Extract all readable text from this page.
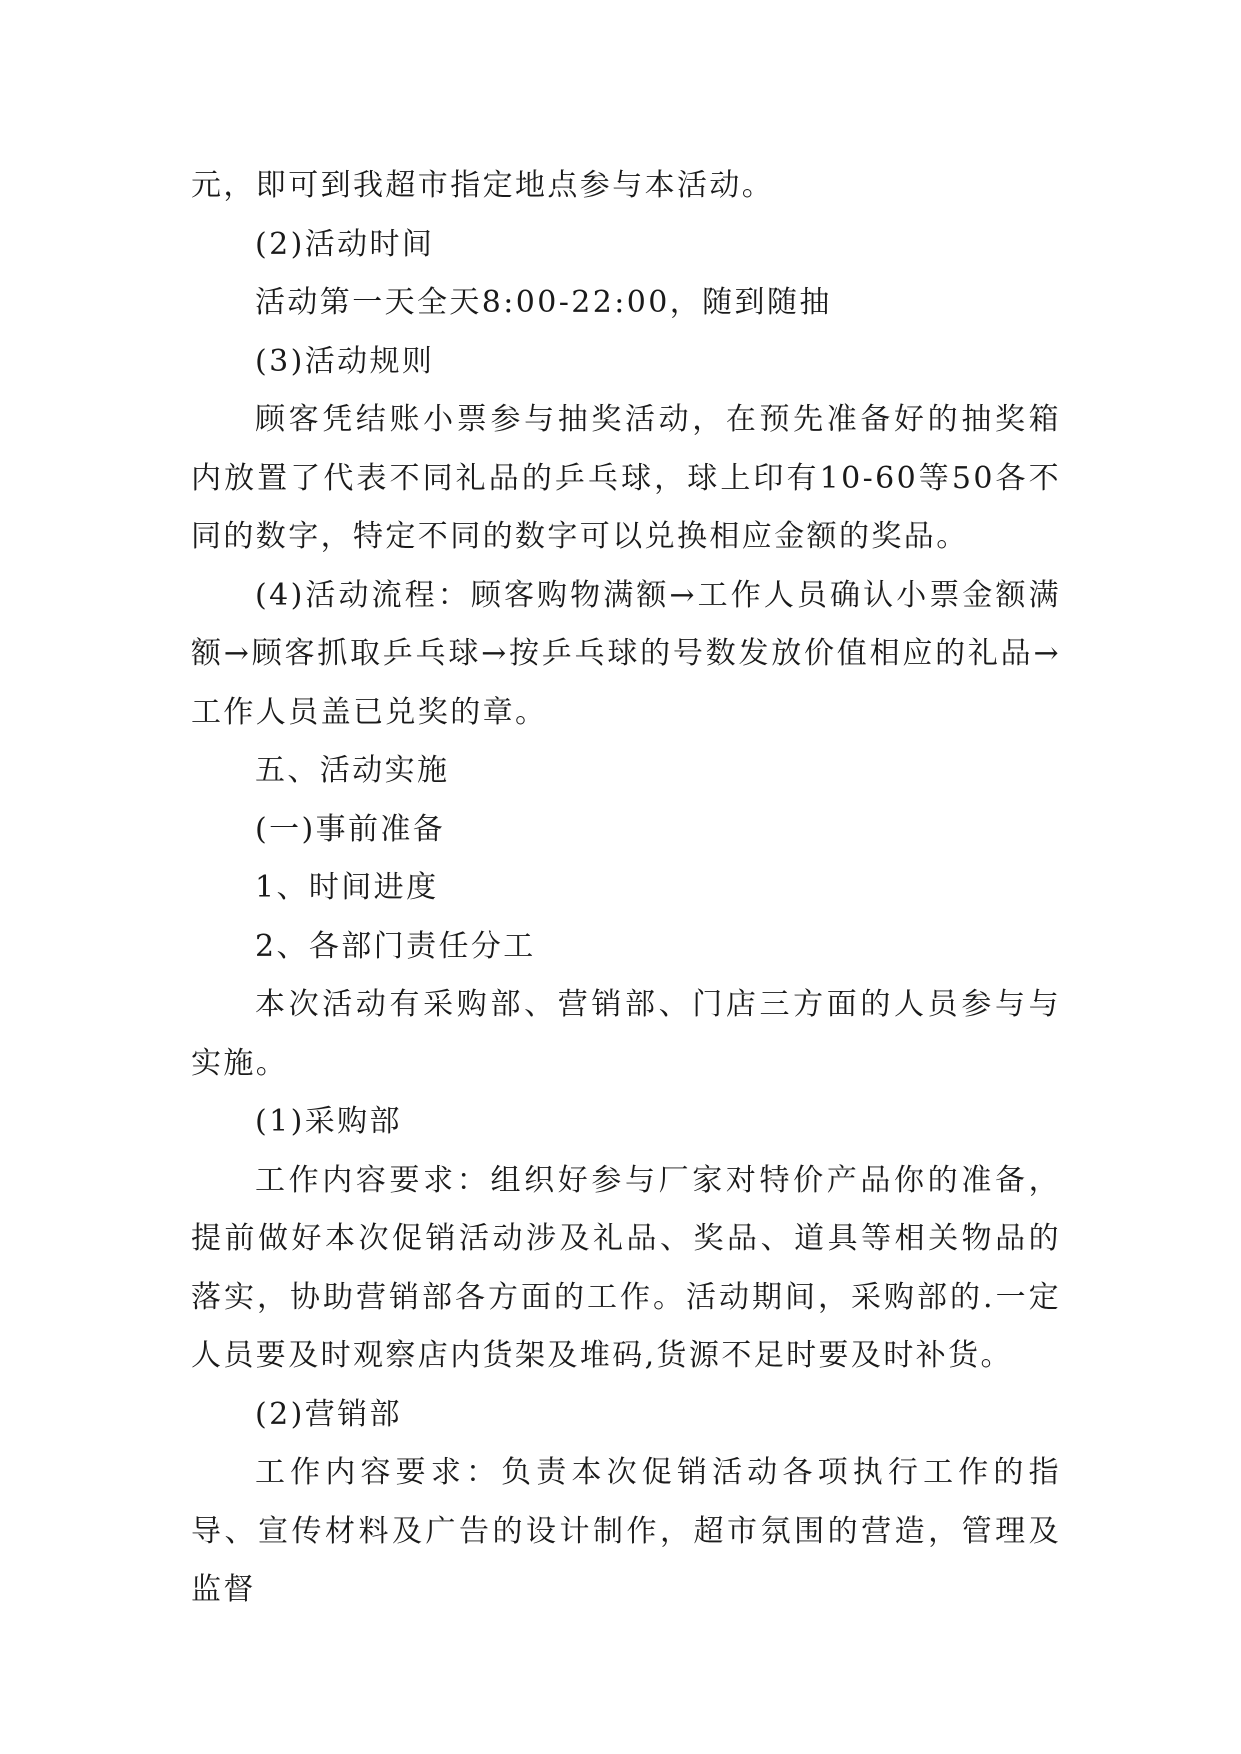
元，即可到我超市指定地点参与本活动。

(2)活动时间

活动第一天全天8:00-22:00，随到随抽

(3)活动规则

顾客凭结账小票参与抽奖活动，在预先准备好的抽奖箱内放置了代表不同礼品的乒乓球，球上印有10-60等50各不同的数字，特定不同的数字可以兑换相应金额的奖品。

(4)活动流程：顾客购物满额→工作人员确认小票金额满额→顾客抓取乒乓球→按乒乓球的号数发放价值相应的礼品→工作人员盖已兑奖的章。

五、活动实施

(一)事前准备

1、时间进度

2、各部门责任分工

本次活动有采购部、营销部、门店三方面的人员参与与实施。

(1)采购部

工作内容要求：组织好参与厂家对特价产品你的准备，提前做好本次促销活动涉及礼品、奖品、道具等相关物品的落实，协助营销部各方面的工作。活动期间，采购部的.一定人员要及时观察店内货架及堆码,货源不足时要及时补货。

(2)营销部

工作内容要求：负责本次促销活动各项执行工作的指导、宣传材料及广告的设计制作，超市氛围的营造，管理及监督
